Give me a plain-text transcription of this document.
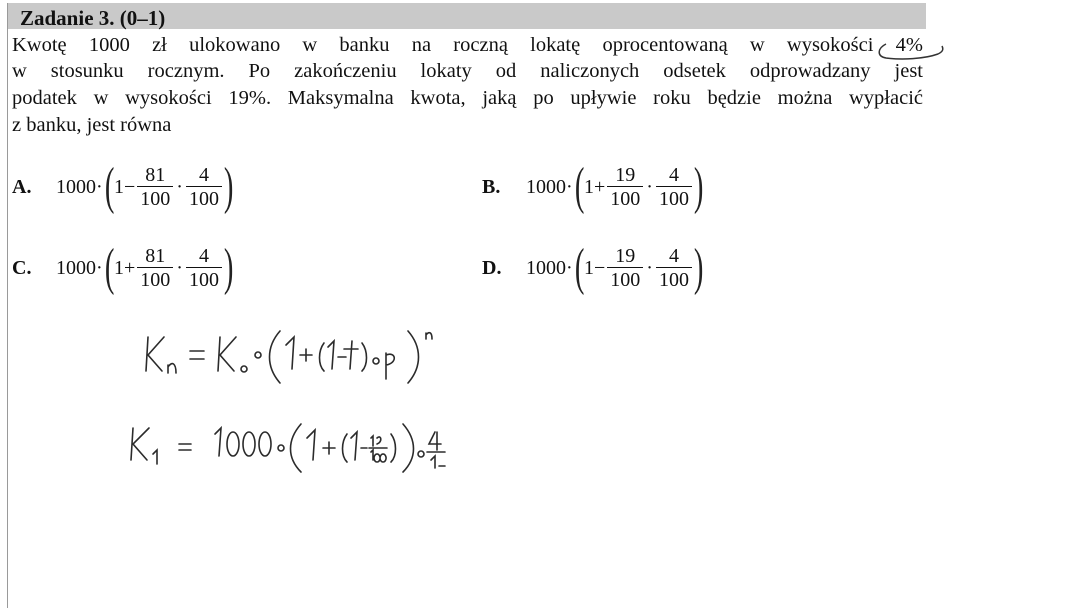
Zadanie 3. (0–1)
Kwotę 1000 zł ulokowano w banku na roczną lokatę oprocentowaną w wysokości 4%
w stosunku rocznym. Po zakończeniu lokaty od naliczonych odsetek odprowadzany jest
podatek w wysokości 19%. Maksymalna kwota, jaką po upływie roku będzie można wypłacić
z banku, jest równa
A.	1000· ( $1- \frac{81}{100} \cdot \frac{4}{100}$ )	B.	1000· ( $1+ \frac{19}{100} \cdot \frac{4}{100}$ )
C.	1000· ( $1+ \frac{81}{100} \cdot \frac{4}{100}$ )	D.	1000· ( $1- \frac{19}{100} \cdot \frac{4}{100}$ )
